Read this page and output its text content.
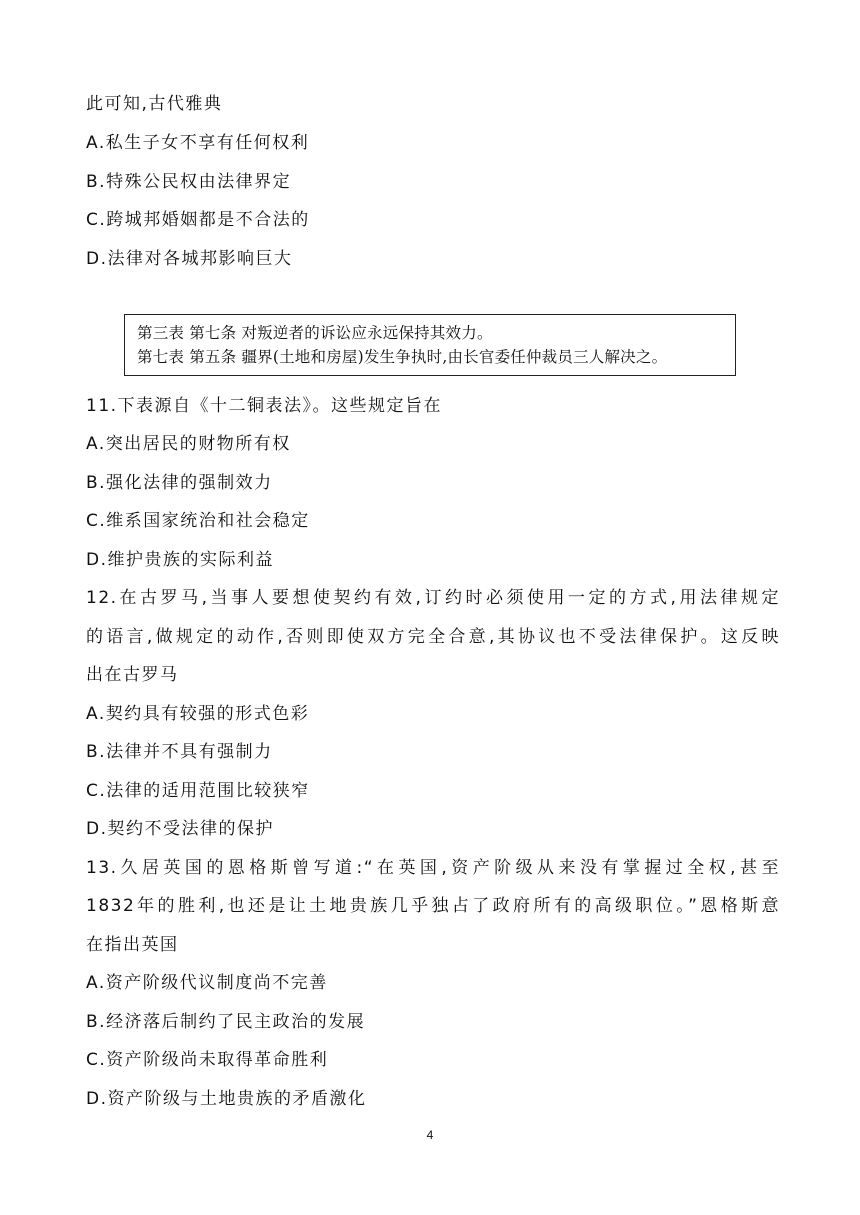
此可知,古代雅典
A.私生子女不享有任何权利
B.特殊公民权由法律界定
C.跨城邦婚姻都是不合法的
D.法律对各城邦影响巨大
第三表 第七条 对叛逆者的诉讼应永远保持其效力。
第七表 第五条 疆界(土地和房屋)发生争执时,由长官委任仲裁员三人解决之。
11.下表源自《十二铜表法》。这些规定旨在
A.突出居民的财物所有权
B.强化法律的强制效力
C.维系国家统治和社会稳定
D.维护贵族的实际利益
12.在古罗马,当事人要想使契约有效,订约时必须使用一定的方式,用法律规定
的语言,做规定的动作,否则即使双方完全合意,其协议也不受法律保护。这反映
出在古罗马
A.契约具有较强的形式色彩
B.法律并不具有强制力
C.法律的适用范围比较狭窄
D.契约不受法律的保护
13.久居英国的恩格斯曾写道:“在英国,资产阶级从来没有掌握过全权,甚至
1832年的胜利,也还是让土地贵族几乎独占了政府所有的高级职位。”恩格斯意
在指出英国
A.资产阶级代议制度尚不完善
B.经济落后制约了民主政治的发展
C.资产阶级尚未取得革命胜利
D.资产阶级与土地贵族的矛盾激化
4
